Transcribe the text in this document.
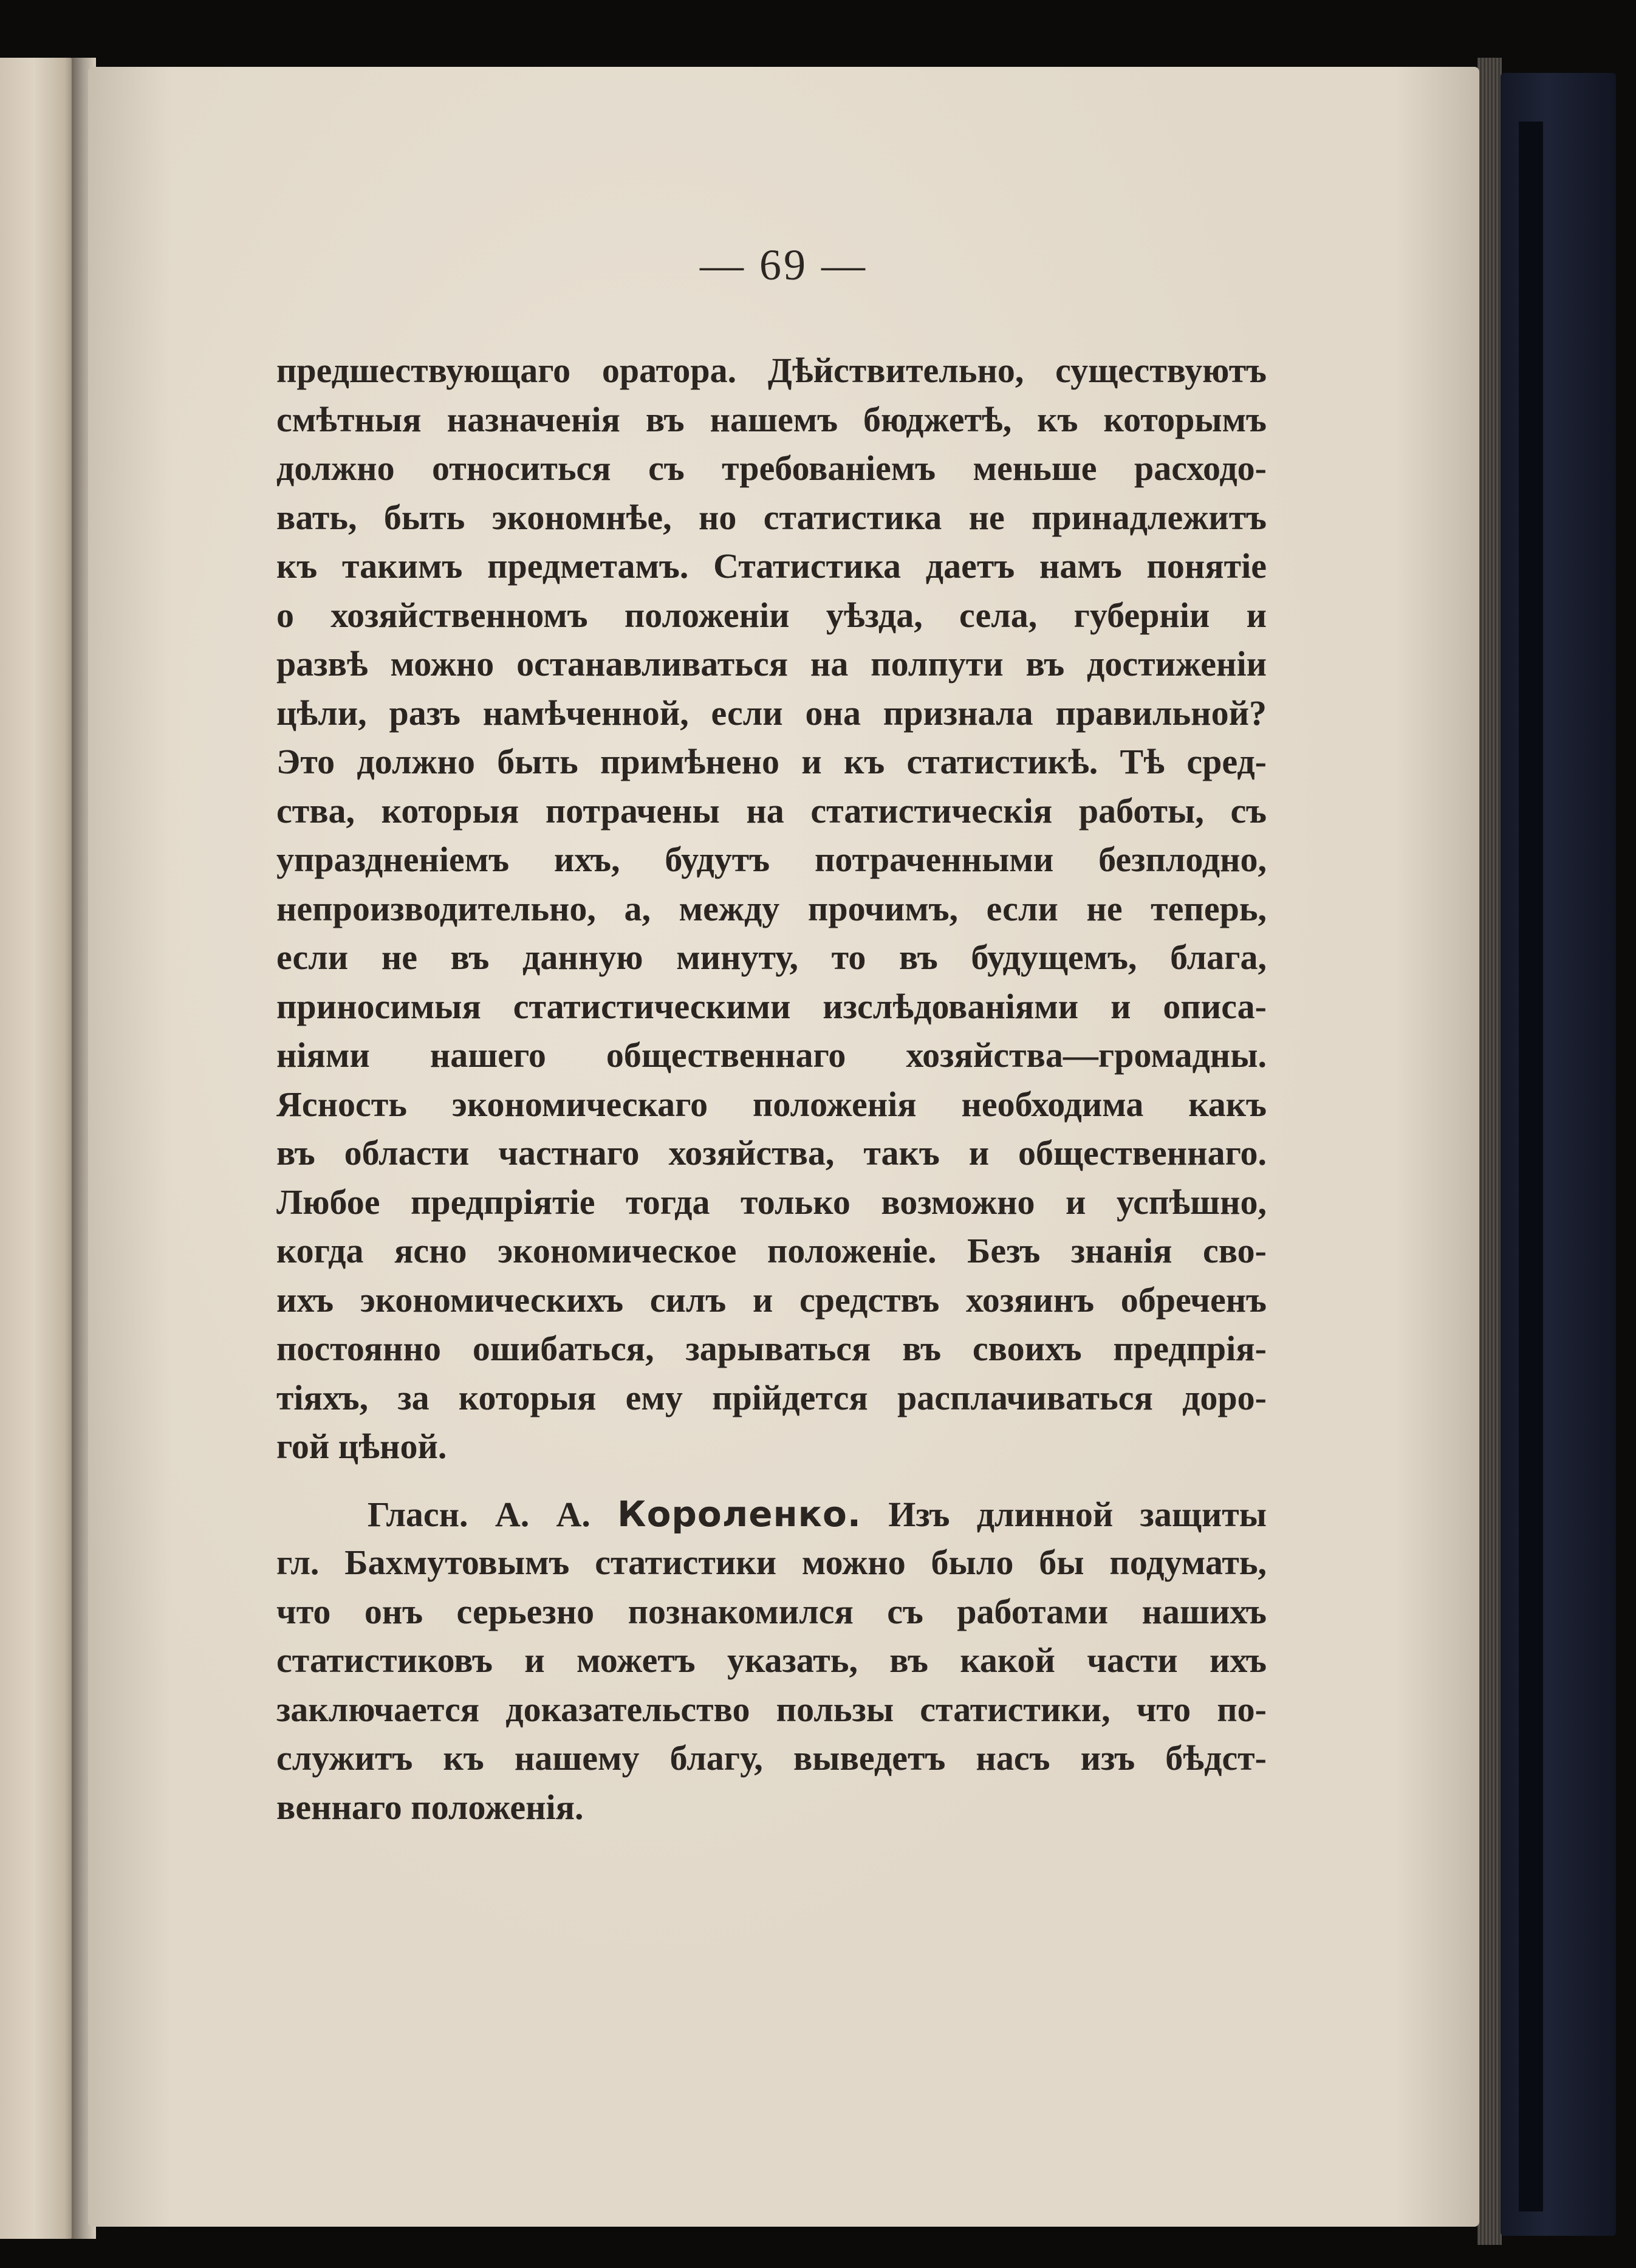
— 69 —
предшествующаго оратора. Дѣйствительно, существуютъ
смѣтныя назначенія въ нашемъ бюджетѣ, къ которымъ
должно относиться съ требованіемъ меньше расходо-
вать, быть экономнѣе, но статистика не принадлежитъ
къ такимъ предметамъ. Статистика даетъ намъ понятіе
о хозяйственномъ положеніи уѣзда, села, губерніи и
развѣ можно останавливаться на полпути въ достиженіи
цѣли, разъ намѣченной, если она признала правильной?
Это должно быть примѣнено и къ статистикѣ. Тѣ сред-
ства, которыя потрачены на статистическія работы, съ
упраздненіемъ ихъ, будутъ потраченными безплодно,
непроизводительно, а, между прочимъ, если не теперь,
если не въ данную минуту, то въ будущемъ, блага,
приносимыя статистическими изслѣдованіями и описа-
ніями нашего общественнаго хозяйства—громадны.
Ясность экономическаго положенія необходима какъ
въ области частнаго хозяйства, такъ и общественнаго.
Любое предпріятіе тогда только возможно и успѣшно,
когда ясно экономическое положеніе. Безъ знанія сво-
ихъ экономическихъ силъ и средствъ хозяинъ обреченъ
постоянно ошибаться, зарываться въ своихъ предпрія-
тіяхъ, за которыя ему прійдется расплачиваться доро-
гой цѣной.
Гласн. А. А. Короленко. Изъ длинной защиты
гл. Бахмутовымъ статистики можно было бы подумать,
что онъ серьезно познакомился съ работами нашихъ
статистиковъ и можетъ указать, въ какой части ихъ
заключается доказательство пользы статистики, что по-
служитъ къ нашему благу, выведетъ насъ изъ бѣдст-
веннаго положенія.
